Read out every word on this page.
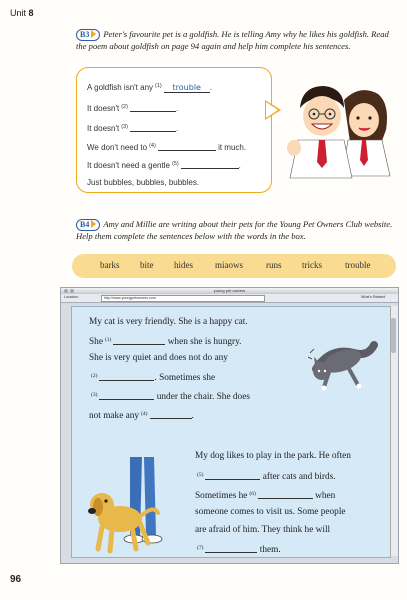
Unit 8
B3 Peter's favourite pet is a goldfish. He is telling Amy why he likes his goldfish. Read the poem about goldfish on page 94 again and help him complete his sentences.
A goldfish isn't any $^{(1)}$ trouble .
It doesn't $^{(2)}$	.
It doesn't $^{(3)}$	.
We don't need to $^{(4)}$	it much.
It doesn't need a gentle $^{(5)}$	.
Just bubbles, bubbles, bubbles.
B4 Amy and Millie are writing about their pets for the Young Pet Owners Club website. Help them complete the sentences below with the words in the box.
barks bite hides miaows	runs tricks	trouble
young pet owners
Location:	http://www.youngpetowners.com	What's Related
My cat is very friendly. She is a happy cat.
She $^{(1)}$	when she is hungry.
She is very quiet and does not do any
$^{(2)}$	. Sometimes she
$^{(3)}$	under the chair. She does
not make any $^{(4)}$	.
My dog likes to play in the park. He often
$^{(5)}$	after cats and birds.
Sometimes he $^{(6)}$	when
someone comes to visit us. Some people
are afraid of him. They think he will
$^{(7)}$	them.
96
